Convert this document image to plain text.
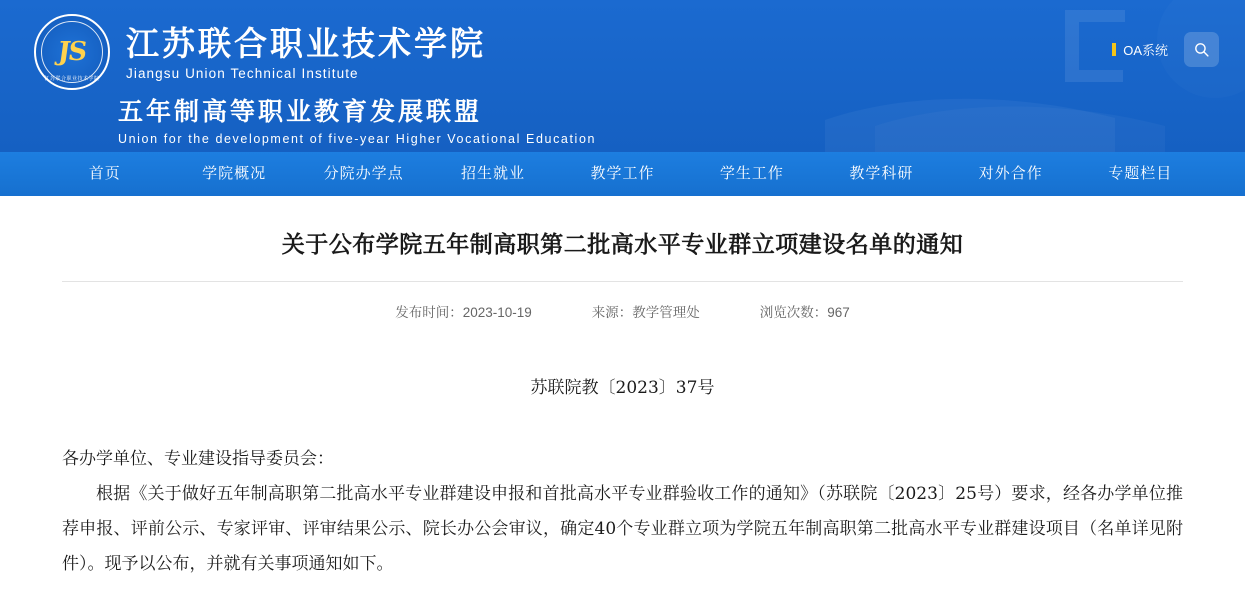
JS
江苏联合职业技术学院
江苏联合职业技术学院
Jiangsu Union Technical Institute
五年制高等职业教育发展联盟
Union for the development of five-year Higher Vocational Education
OA系统
首页	学院概况	分院办学点	招生就业	教学工作	学生工作	教学科研	对外合作	专题栏目
关于公布学院五年制高职第二批高水平专业群立项建设名单的通知
发布时间：2023-10-19	来源：教学管理处	浏览次数：967
苏联院教〔2023〕37号

各办学单位、专业建设指导委员会：

根据《关于做好五年制高职第二批高水平专业群建设申报和首批高水平专业群验收工作的通知》（苏联院〔2023〕25号）要求，经各办学单位推荐申报、评前公示、专家评审、评审结果公示、院长办公会审议，确定40个专业群立项为学院五年制高职第二批高水平专业群建设项目（名单详见附件）。现予以公布，并就有关事项通知如下。
